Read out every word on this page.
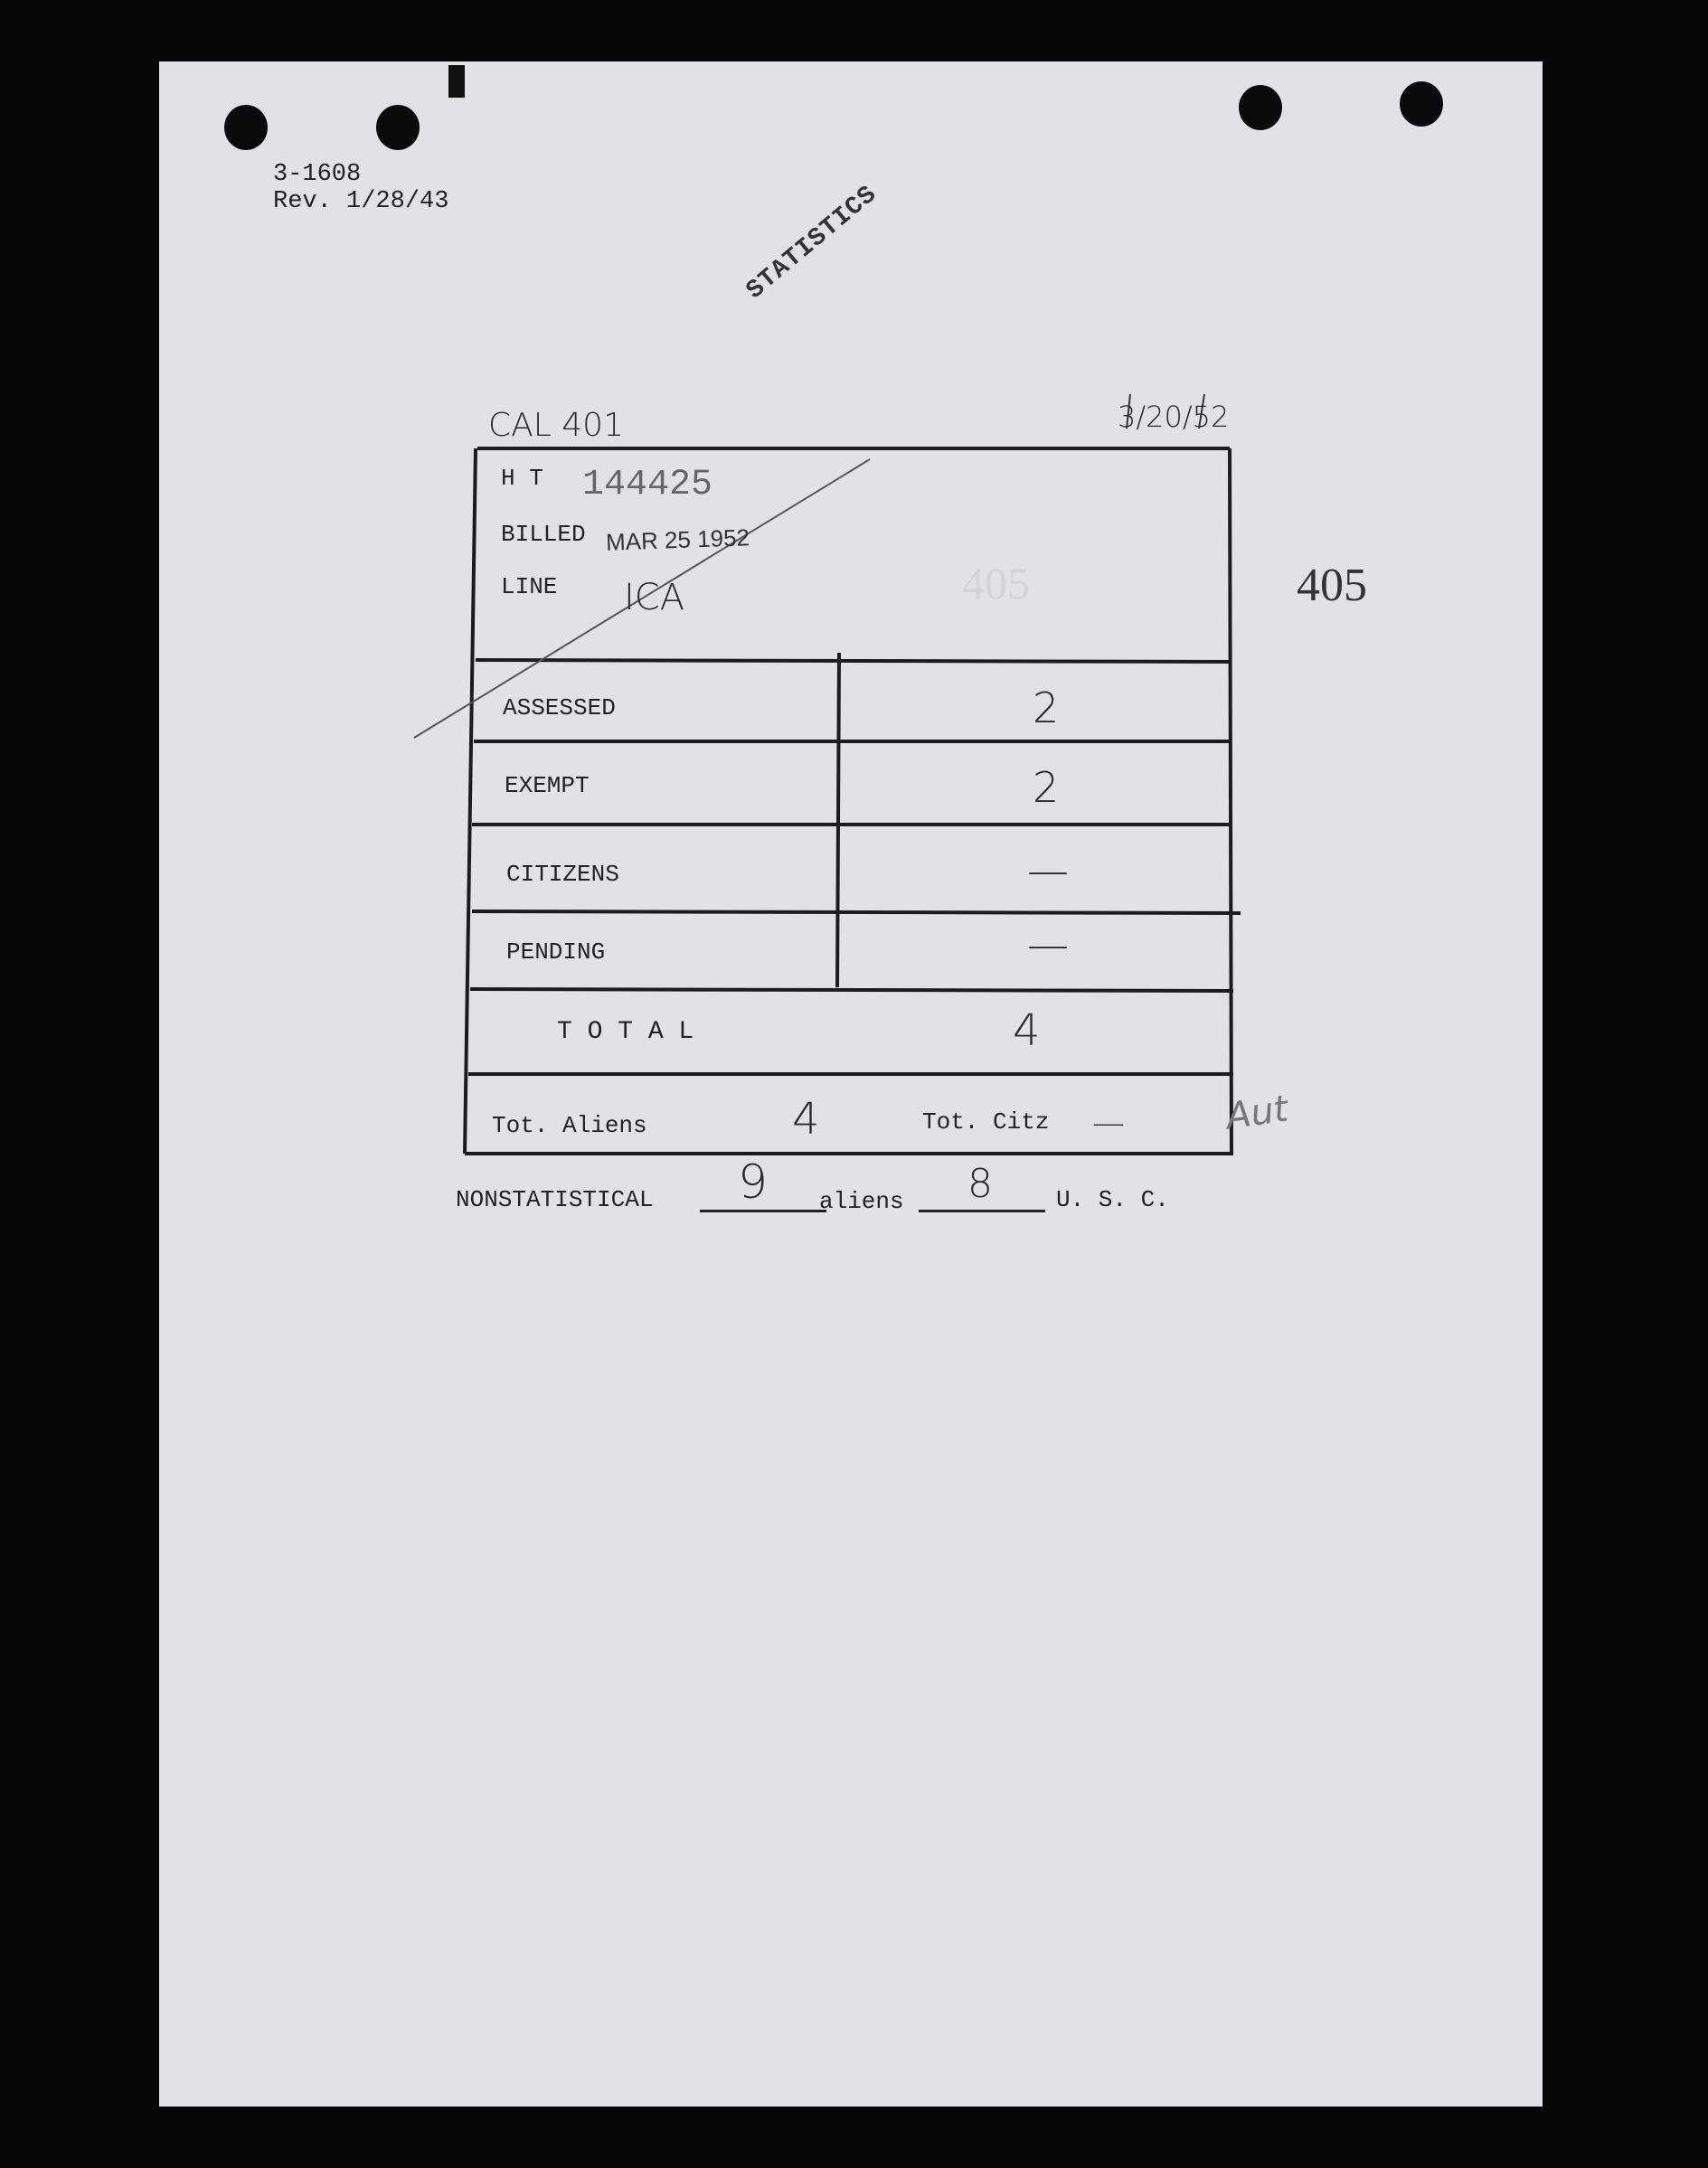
3-1608
Rev. 1/28/43	STATISTICS
CAL 401	3/20/52
H T 144425
BILLED MAR 25 1952
LINE ICA	405	405
ASSESSED	2
EXEMPT	2
CITIZENS	—
PENDING	—
T O T A L	4
Tot. Aliens	4	Tot. Citz —	Aut
NONSTATISTICAL 9 aliens 8	U. S. C.
